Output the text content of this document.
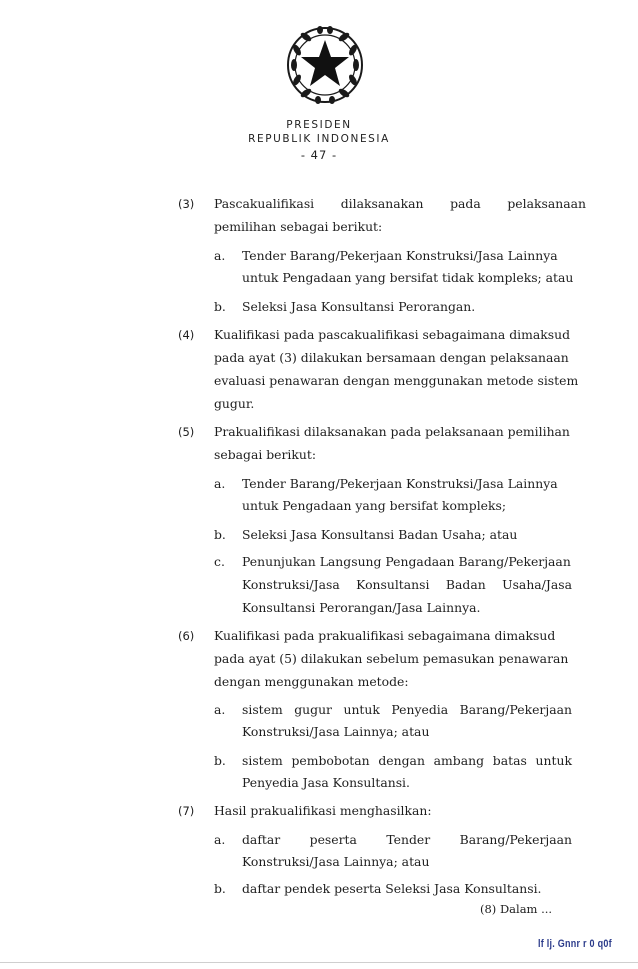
PRESIDEN
REPUBLIK INDONESIA
- 47 -
(3) Pascakualifikasi dilaksanakan pada pelaksanaan
pemilihan sebagai berikut:
a. Tender Barang/Pekerjaan Konstruksi/Jasa Lainnya
untuk Pengadaan yang bersifat tidak kompleks; atau
b. Seleksi Jasa Konsultansi Perorangan.
(4) Kualifikasi pada pascakualifikasi sebagaimana dimaksud
pada ayat (3) dilakukan bersamaan dengan pelaksanaan
evaluasi penawaran dengan menggunakan metode sistem
gugur.
(5) Prakualifikasi dilaksanakan pada pelaksanaan pemilihan
sebagai berikut:
a. Tender Barang/Pekerjaan Konstruksi/Jasa Lainnya
untuk Pengadaan yang bersifat kompleks;
b. Seleksi Jasa Konsultansi Badan Usaha; atau
c. Penunjukan Langsung Pengadaan Barang/Pekerjaan
Konstruksi/Jasa Konsultansi Badan Usaha/Jasa
Konsultansi Perorangan/Jasa Lainnya.
(6) Kualifikasi pada prakualifikasi sebagaimana dimaksud
pada ayat (5) dilakukan sebelum pemasukan penawaran
dengan menggunakan metode:
a. sistem gugur untuk Penyedia Barang/Pekerjaan
Konstruksi/Jasa Lainnya; atau
b. sistem pembobotan dengan ambang batas untuk
Penyedia Jasa Konsultansi.
(7) Hasil prakualifikasi menghasilkan:
a. daftar peserta Tender Barang/Pekerjaan
Konstruksi/Jasa Lainnya; atau
b. daftar pendek peserta Seleksi Jasa Konsultansi.
(8) Dalam ...
lf lj. Gnnr r 0 q0f
